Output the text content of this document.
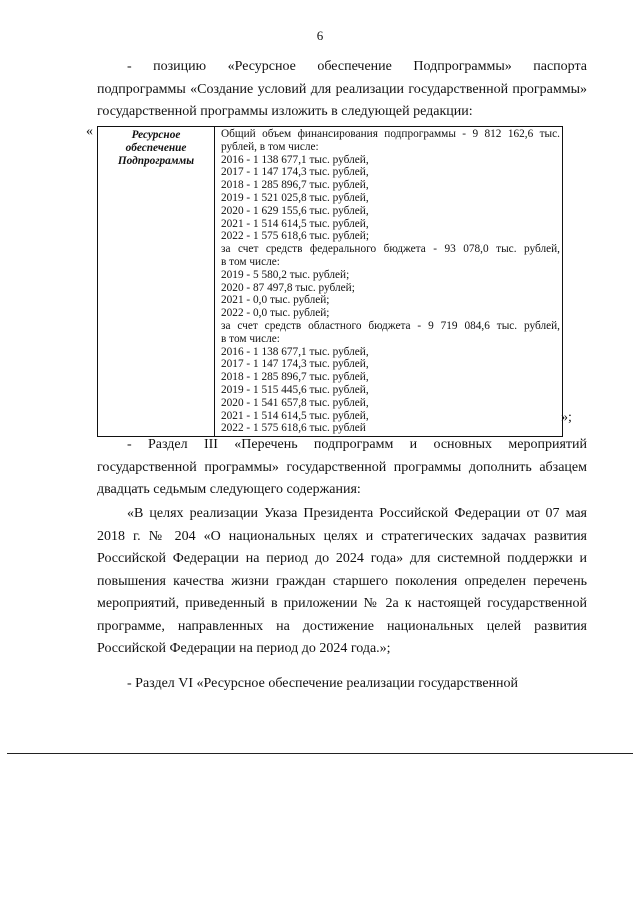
6

- позицию «Ресурсное обеспечение Подпрограммы» паспорта подпрограммы «Создание условий для реализации государственной программы» государственной программы изложить в следующей редакции:

«	Ресурсное
обеспечение
Подпрограммы

Общий объем финансирования подпрограммы - 9 812 162,6 тыс.
рублей, в том числе:
2016 - 1 138 677,1 тыс. рублей,
2017 - 1 147 174,3 тыс. рублей,
2018 - 1 285 896,7 тыс. рублей,
2019 - 1 521 025,8 тыс. рублей,
2020 - 1 629 155,6 тыс. рублей,
2021 - 1 514 614,5 тыс. рублей,
2022 - 1 575 618,6 тыс. рублей;
за счет средств федерального бюджета - 93 078,0 тыс. рублей,
в том числе:
2019 - 5 580,2 тыс. рублей;
2020 - 87 497,8 тыс. рублей;
2021 - 0,0 тыс. рублей;
2022 - 0,0 тыс. рублей;
за счет средств областного бюджета - 9 719 084,6 тыс. рублей,
в том числе:
2016 - 1 138 677,1 тыс. рублей,
2017 - 1 147 174,3 тыс. рублей,
2018 - 1 285 896,7 тыс. рублей,
2019 - 1 515 445,6 тыс. рублей,
2020 - 1 541 657,8 тыс. рублей,
2021 - 1 514 614,5 тыс. рублей,
2022 - 1 575 618,6 тыс. рублей
»;

- Раздел III «Перечень подпрограмм и основных мероприятий государственной программы» государственной программы дополнить абзацем двадцать седьмым следующего содержания:

«В целях реализации Указа Президента Российской Федерации от 07 мая 2018 г. № 204 «О национальных целях и стратегических задачах развития Российской Федерации на период до 2024 года» для системной поддержки и повышения качества жизни граждан старшего поколения определен перечень мероприятий, приведенный в приложении № 2а к настоящей государственной программе, направленных на достижение национальных целей развития Российской Федерации на период до 2024 года.»;

- Раздел VI «Ресурсное обеспечение реализации государственной
